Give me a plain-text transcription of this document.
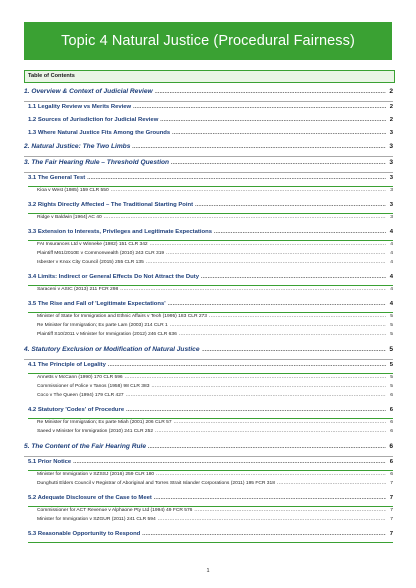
Topic 4 Natural Justice (Procedural Fairness)
Table of Contents
1. Overview & Context of Judicial Review .....	2
1.1 Legality Review vs Merits Review .....	2
1.2 Sources of Jurisdiction for Judicial Review .....	2
1.3 Where Natural Justice Fits Among the Grounds .....	3
2. Natural Justice: The Two Limbs .....	3
3. The Fair Hearing Rule – Threshold Question .....	3
3.1 The General Test .....	3
Kioa v West (1985) 159 CLR 550 .....	3
3.2 Rights Directly Affected – The Traditional Starting Point .....	3
Ridge v Baldwin [1964] AC 40 .....	3
3.3 Extension to Interests, Privileges and Legitimate Expectations .....	4
FAI Insurances Ltd v Winneke (1982) 151 CLR 342 .....	4
Plaintiff M61/2010E v Commonwealth (2010) 243 CLR 319 .....	4
Isbester v Knox City Council (2015) 255 CLR 135 .....	4
3.4 Limits: Indirect or General Effects Do Not Attract the Duty .....	4
Saraceni v ASIC (2013) 211 FCR 298 .....	4
3.5 The Rise and Fall of 'Legitimate Expectations' .....	4
Minister of State for Immigration and Ethnic Affairs v Teoh (1995) 183 CLR 273 .....	5
Re Minister for Immigration; Ex parte Lam (2003) 214 CLR 1 .....	5
Plaintiff S10/2011 v Minister for Immigration (2012) 246 CLR 636 .....	5
4. Statutory Exclusion or Modification of Natural Justice .....	5
4.1 The Principle of Legality .....	5
Annetts v McCann (1990) 170 CLR 596 .....	5
Commissioner of Police v Tanos (1958) 98 CLR 383 .....	5
Coco v The Queen (1994) 179 CLR 427 .....	6
4.2 Statutory 'Codes' of Procedure .....	6
Re Minister for Immigration; Ex parte Miah (2001) 206 CLR 57 .....	6
Saeed v Minister for Immigration (2010) 241 CLR 252 .....	6
5. The Content of the Fair Hearing Rule .....	6
5.1 Prior Notice .....	6
Minister for Immigration v SZSSJ (2016) 259 CLR 180 .....	6
Dunghutti Elders Council v Registrar of Aboriginal and Torres Strait Islander Corporations (2011) 195 FCR 318 .....	7
5.2 Adequate Disclosure of the Case to Meet .....	7
Commissioner for ACT Revenue v Alphaone Pty Ltd (1994) 49 FCR 576 .....	7
Minister for Immigration v SZGUR (2011) 241 CLR 594 .....	7
5.3 Reasonable Opportunity to Respond .....	7
1
